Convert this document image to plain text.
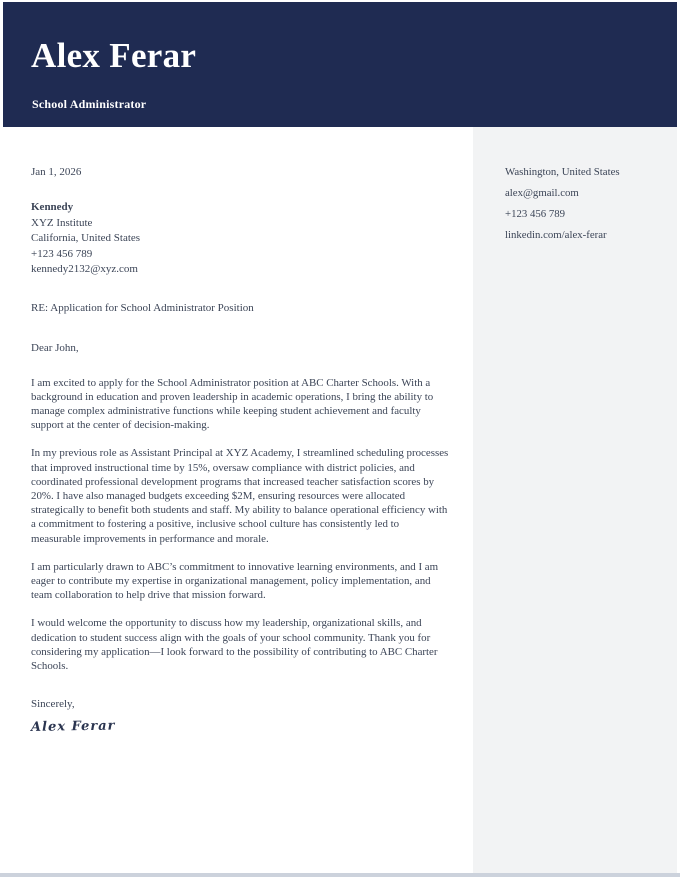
Alex Ferar
School Administrator
Jan 1, 2026
Kennedy
XYZ Institute
California, United States
+123 456 789
kennedy2132@xyz.com
RE: Application for School Administrator Position
Dear John,

I am excited to apply for the School Administrator position at ABC Charter Schools. With a background in education and proven leadership in academic operations, I bring the ability to manage complex administrative functions while keeping student achievement and faculty support at the center of decision-making.

In my previous role as Assistant Principal at XYZ Academy, I streamlined scheduling processes that improved instructional time by 15%, oversaw compliance with district policies, and coordinated professional development programs that increased teacher satisfaction scores by 20%. I have also managed budgets exceeding $2M, ensuring resources were allocated strategically to benefit both students and staff. My ability to balance operational efficiency with a commitment to fostering a positive, inclusive school culture has consistently led to measurable improvements in performance and morale.

I am particularly drawn to ABC’s commitment to innovative learning environments, and I am eager to contribute my expertise in organizational management, policy implementation, and team collaboration to help drive that mission forward.

I would welcome the opportunity to discuss how my leadership, organizational skills, and dedication to student success align with the goals of your school community. Thank you for considering my application—I look forward to the possibility of contributing to ABC Charter Schools.

Sincerely,
Alex Ferar
Washington, United States
alex@gmail.com
+123 456 789
linkedin.com/alex-ferar
